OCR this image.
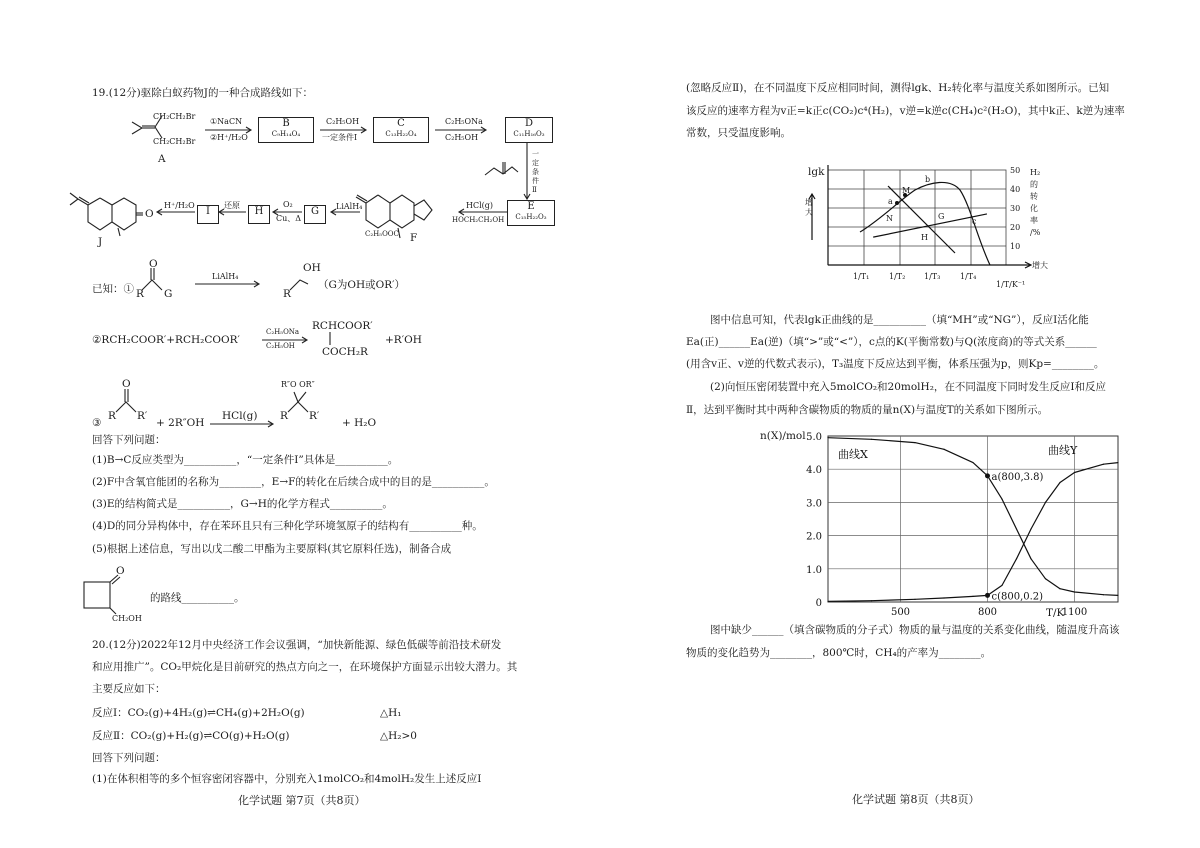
19.(12分)驱除白蚁药物J的一种合成路线如下：
CH₂CH₂Br
CH₂CH₂Br
A
①NaCN
②H⁺/H₂O
B
C₉H₁₄O₄
C₂H₅OH
一定条件Ⅰ
C
C₁₃H₂₂O₄
C₂H₅ONa
C₂H₅OH
D
C₁₁H₁₆O₃
一定条件Ⅱ
E
C₁₅H₂₂O₃
HCl(g)
HOCH₂CH₂OH
C₂H₅OOC F
LiAlH₄
G
O₂
Cu、Δ
H
还原
I
H⁺/H₂O
O
J
已知：①
O
R G
LiAlH₄
OH
R
（G为OH或OR′）
②RCH₂COOR′+RCH₂COOR′
C₂H₅ONa
C₂H₅OH
RCHCOOR′
COCH₂R
+R′OH
③
O
R R′
+ 2R″OH
HCl(g)
R″O OR″
R R′
+ H₂O
回答下列问题：
(1)B→C反应类型为__________，“一定条件Ⅰ”具体是__________。
(2)F中含氧官能团的名称为________，E→F的转化在后续合成中的目的是__________。
(3)E的结构简式是__________，G→H的化学方程式__________。
(4)D的同分异构体中，存在苯环且只有三种化学环境氢原子的结构有__________种。
(5)根据上述信息，写出以戊二酸二甲酯为主要原料(其它原料任选)，制备合成
O
CH₂OH
的路线__________。
20.(12分)2022年12月中央经济工作会议强调，“加快新能源、绿色低碳等前沿技术研发
和应用推广”。CO₂甲烷化是目前研究的热点方向之一，在环境保护方面显示出较大潜力。其
主要反应如下：
反应Ⅰ：CO₂(g)+4H₂(g)⇌CH₄(g)+2H₂O(g)	△H₁
反应Ⅱ：CO₂(g)+H₂(g)⇌CO(g)+H₂O(g)	△H₂>0
回答下列问题：
(1)在体积相等的多个恒容密闭容器中，分别充入1molCO₂和4molH₂发生上述反应Ⅰ
化学试题 第7页（共8页）
(忽略反应Ⅱ)，在不同温度下反应相同时间，测得lgk、H₂转化率与温度关系如图所示。已知
该反应的速率方程为v正=k正c(CO₂)c⁴(H₂)，v逆=k逆c(CH₄)c²(H₂O)，其中k正、k逆为速率
常数，只受温度影响。
lgk
增大
50
40
30
20
10
H₂
的
转
化
率
/%
1/T₁ 1/T₂ 1/T₃ 1/T₄
1/T/K⁻¹
增大
M
a
b
N	G
c
H
图中信息可知，代表lgk正曲线的是__________（填“MH”或“NG”），反应Ⅰ活化能
Ea(正)______Ea(逆)（填“>”或“<”），c点的K(平衡常数)与Q(浓度商)的等式关系______
(用含v正、v逆的代数式表示)，T₃温度下反应达到平衡，体系压强为p，则Kp=________。
(2)向恒压密闭装置中充入5molCO₂和20molH₂，在不同温度下同时发生反应Ⅰ和反应
Ⅱ，达到平衡时其中两种含碳物质的物质的量n(X)与温度T的关系如下图所示。
n(X)/mol
500	800	1100
0
1.0
2.0
3.0
4.0
5.0
曲线X	曲线Y
a(800,3.8)
c(800,0.2)
T/K
图中缺少______（填含碳物质的分子式）物质的量与温度的关系变化曲线，随温度升高该
物质的变化趋势为________，800℃时，CH₄的产率为________。
化学试题 第8页（共8页）
